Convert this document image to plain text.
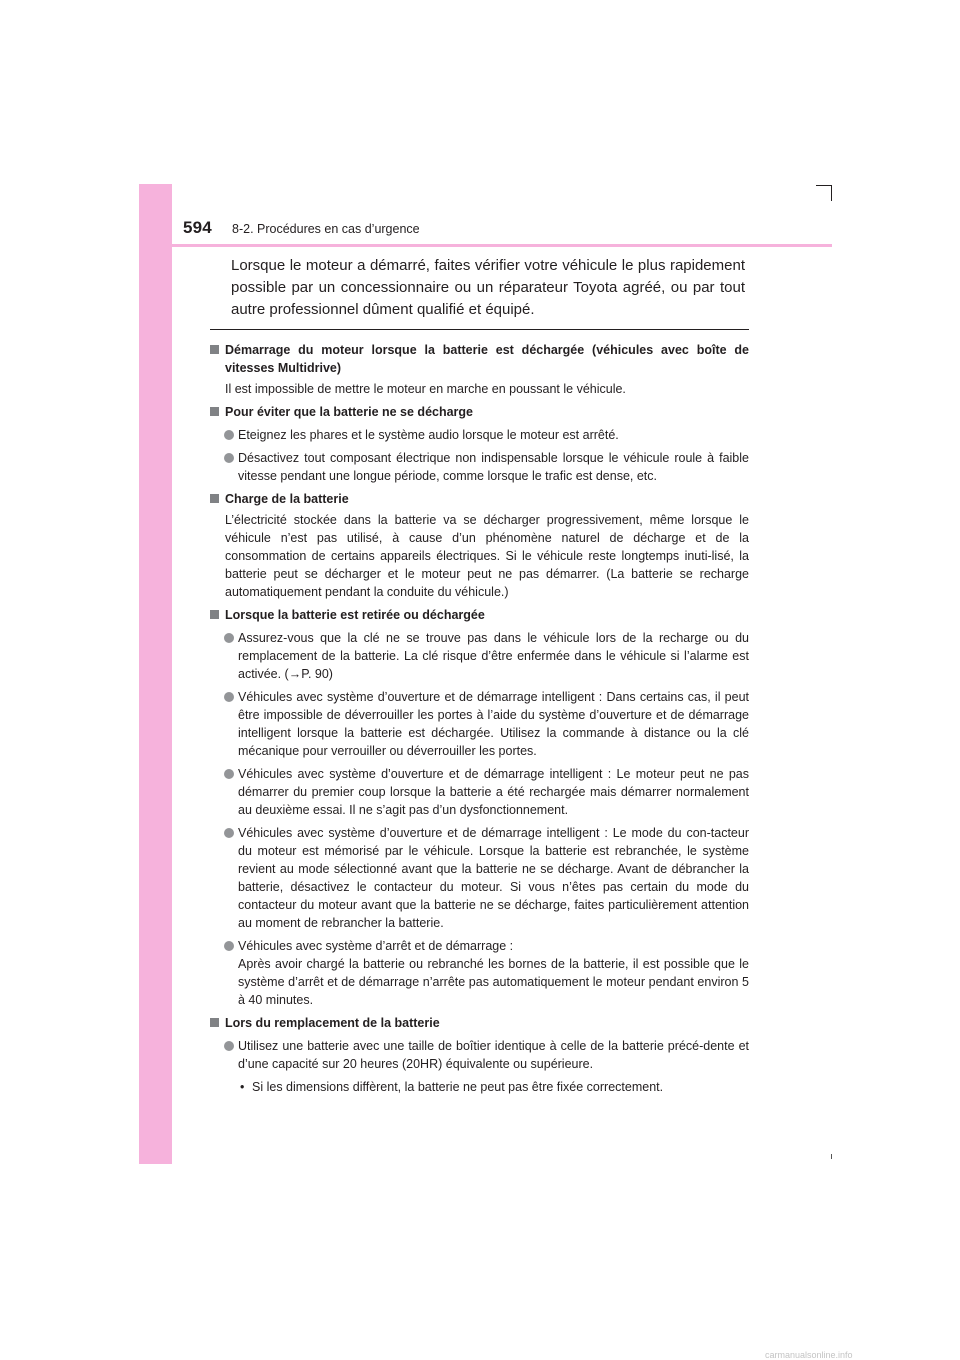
594 8-2. Procédures en cas d’urgence
Lorsque le moteur a démarré, faites vérifier votre véhicule le plus rapidement possible par un concessionnaire ou un réparateur Toyota agréé, ou par tout autre professionnel dûment qualifié et équipé.
Démarrage du moteur lorsque la batterie est déchargée (véhicules avec boîte de vitesses Multidrive)
Il est impossible de mettre le moteur en marche en poussant le véhicule.
Pour éviter que la batterie ne se décharge
Eteignez les phares et le système audio lorsque le moteur est arrêté.
Désactivez tout composant électrique non indispensable lorsque le véhicule roule à faible vitesse pendant une longue période, comme lorsque le trafic est dense, etc.
Charge de la batterie
L’électricité stockée dans la batterie va se décharger progressivement, même lorsque le véhicule n’est pas utilisé, à cause d’un phénomène naturel de décharge et de la consommation de certains appareils électriques. Si le véhicule reste longtemps inuti-lisé, la batterie peut se décharger et le moteur peut ne pas démarrer. (La batterie se recharge automatiquement pendant la conduite du véhicule.)
Lorsque la batterie est retirée ou déchargée
Assurez-vous que la clé ne se trouve pas dans le véhicule lors de la recharge ou du remplacement de la batterie. La clé risque d’être enfermée dans le véhicule si l’alarme est activée. (→P. 90)
Véhicules avec système d’ouverture et de démarrage intelligent : Dans certains cas, il peut être impossible de déverrouiller les portes à l’aide du système d’ouverture et de démarrage intelligent lorsque la batterie est déchargée. Utilisez la commande à distance ou la clé mécanique pour verrouiller ou déverrouiller les portes.
Véhicules avec système d’ouverture et de démarrage intelligent : Le moteur peut ne pas démarrer du premier coup lorsque la batterie a été rechargée mais démarrer normalement au deuxième essai. Il ne s’agit pas d’un dysfonctionnement.
Véhicules avec système d’ouverture et de démarrage intelligent : Le mode du con-tacteur du moteur est mémorisé par le véhicule. Lorsque la batterie est rebranchée, le système revient au mode sélectionné avant que la batterie ne se décharge. Avant de débrancher la batterie, désactivez le contacteur du moteur. Si vous n’êtes pas certain du mode du contacteur du moteur avant que la batterie ne se décharge, faites particulièrement attention au moment de rebrancher la batterie.
Véhicules avec système d’arrêt et de démarrage :
Après avoir chargé la batterie ou rebranché les bornes de la batterie, il est possible que le système d’arrêt et de démarrage n’arrête pas automatiquement le moteur pendant environ 5 à 40 minutes.
Lors du remplacement de la batterie
Utilisez une batterie avec une taille de boîtier identique à celle de la batterie précé-dente et d’une capacité sur 20 heures (20HR) équivalente ou supérieure.
• Si les dimensions diffèrent, la batterie ne peut pas être fixée correctement.
carmanualsonline.info
